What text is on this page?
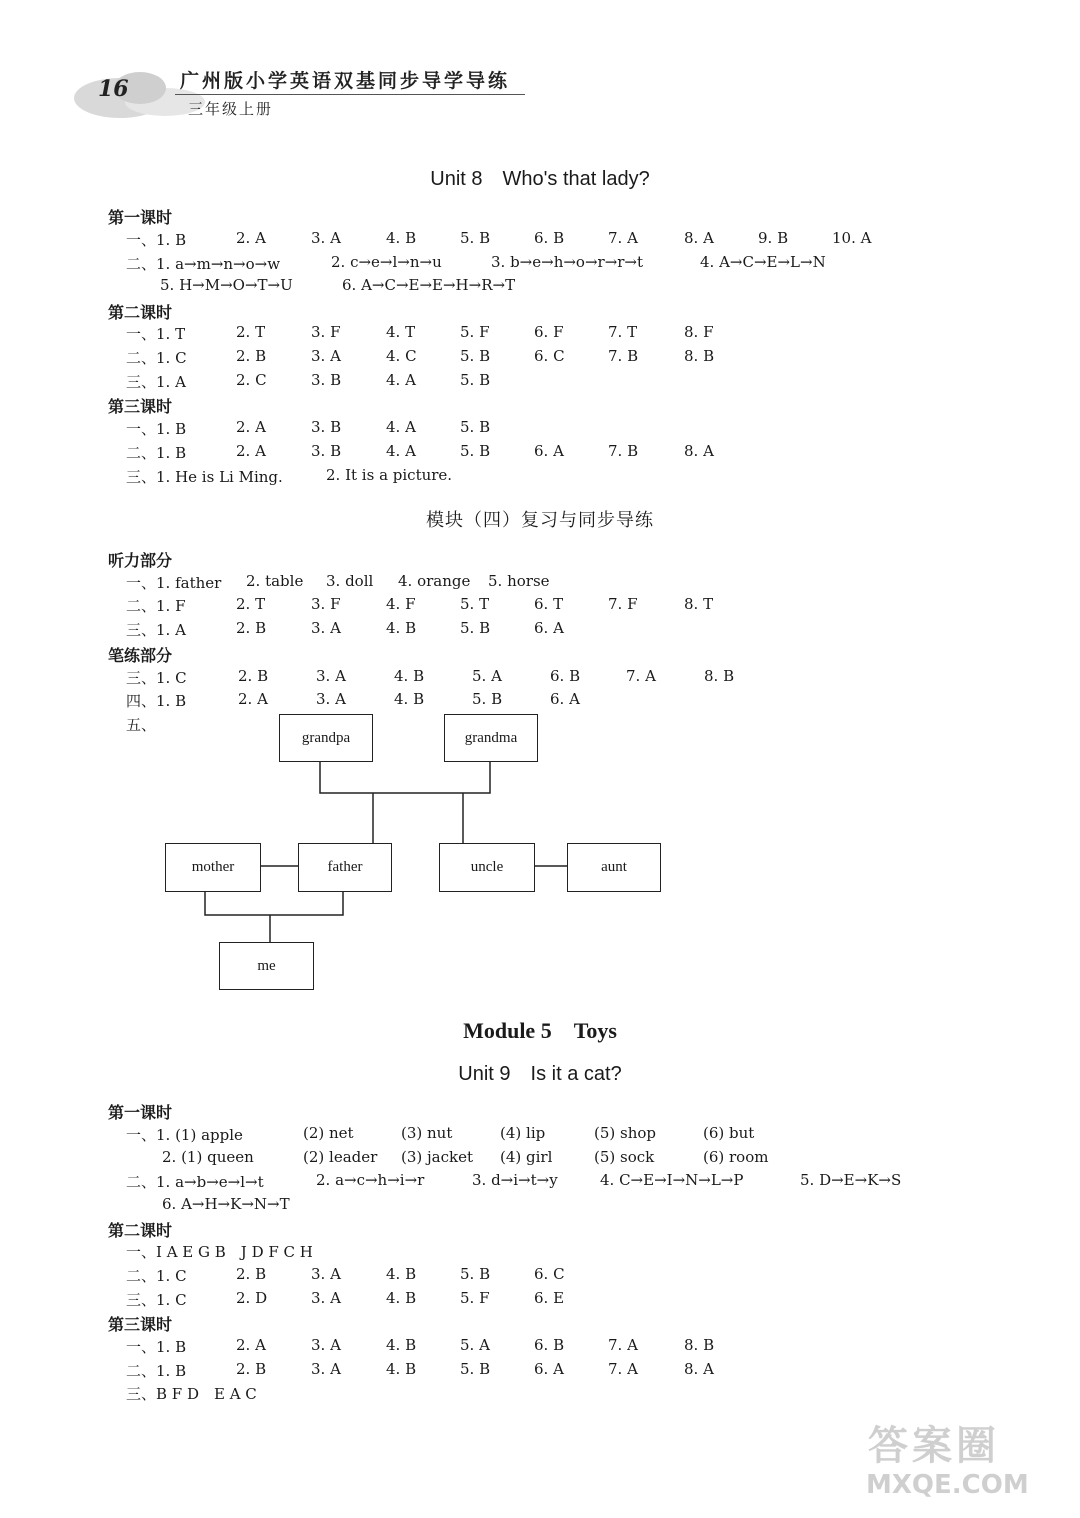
16	广州版小学英语双基同步导学导练
三年级上册
Unit 8　Who's that lady?
第一课时
一、1. B	2. A	3. A	4. B	5. B	6. B	7. A	8. A	9. B	10. A
二、1. a→m→n→o→w	2. c→e→l→n→u	3. b→e→h→o→r→r→t	4. A→C→E→L→N
5. H→M→O→T→U	6. A→C→E→E→H→R→T
第二课时
一、1. T	2. T	3. F	4. T	5. F	6. F	7. T	8. F
二、1. C	2. B	3. A	4. C	5. B	6. C	7. B	8. B
三、1. A	2. C	3. B	4. A	5. B
第三课时
一、1. B	2. A	3. B	4. A	5. B
二、1. B	2. A	3. B	4. A	5. B	6. A	7. B	8. A
三、1. He is Li Ming.	2. It is a picture.
模块（四）复习与同步导练
听力部分
一、1. father 2. table 3. doll 4. orange 5. horse
二、1. F	2. T	3. F	4. F	5. T	6. T	7. F	8. T
三、1. A	2. B	3. A	4. B	5. B	6. A
笔练部分
三、1. C	2. B	3. A	4. B	5. A	6. B	7. A	8. B
四、1. B	2. A	3. A	4. B	5. B	6. A
五、
grandpa	grandma
mother	father	uncle	aunt
me
Module 5　Toys
Unit 9　Is it a cat?
第一课时
一、1. (1) apple	(2) net	(3) nut	(4) lip	(5) shop	(6) but
2. (1) queen	(2) leader (3) jacket (4) girl	(5) sock	(6) room
二、1. a→b→e→l→t	2. a→c→h→i→r	3. d→i→t→y	4. C→E→I→N→L→P	5. D→E→K→S
6. A→H→K→N→T
第二课时
一、I A E G B　J D F C H
二、1. C	2. B	3. A	4. B	5. B	6. C
三、1. C	2. D	3. A	4. B	5. F	6. E
第三课时
一、1. B	2. A	3. A	4. B	5. A	6. B	7. A	8. B
二、1. B	2. B	3. A	4. B	5. B	6. A	7. A	8. A
三、B F D　E A C
答案圈
MXQE.COM
